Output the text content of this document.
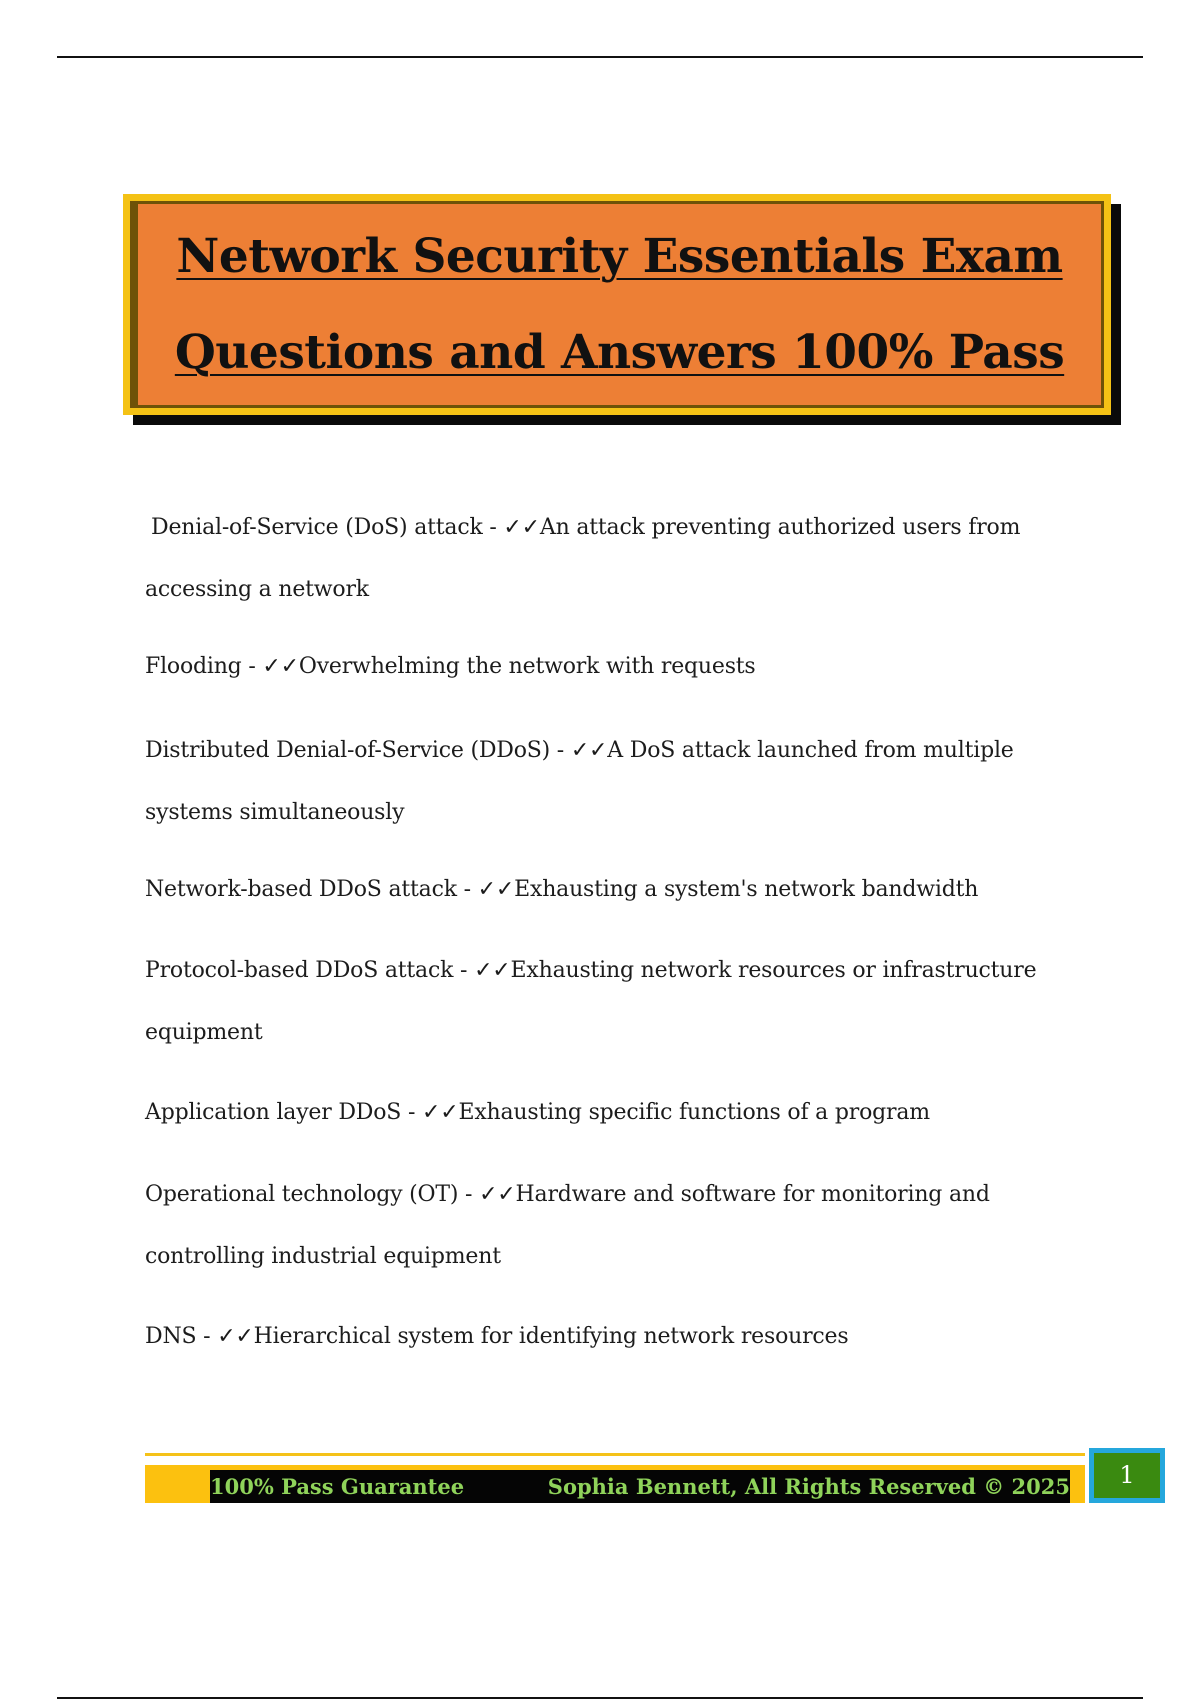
Network Security Essentials Exam
Questions and Answers 100% Pass
Denial-of-Service (DoS) attack - ✓✓An attack preventing authorized users from accessing a network
Flooding - ✓✓Overwhelming the network with requests
Distributed Denial-of-Service (DDoS) - ✓✓A DoS attack launched from multiple systems simultaneously
Network-based DDoS attack - ✓✓Exhausting a system's network bandwidth
Protocol-based DDoS attack - ✓✓Exhausting network resources or infrastructure equipment
Application layer DDoS - ✓✓Exhausting specific functions of a program
Operational technology (OT) - ✓✓Hardware and software for monitoring and controlling industrial equipment
DNS - ✓✓Hierarchical system for identifying network resources
100% Pass Guarantee	Sophia Bennett, All Rights Reserved © 2025	1
